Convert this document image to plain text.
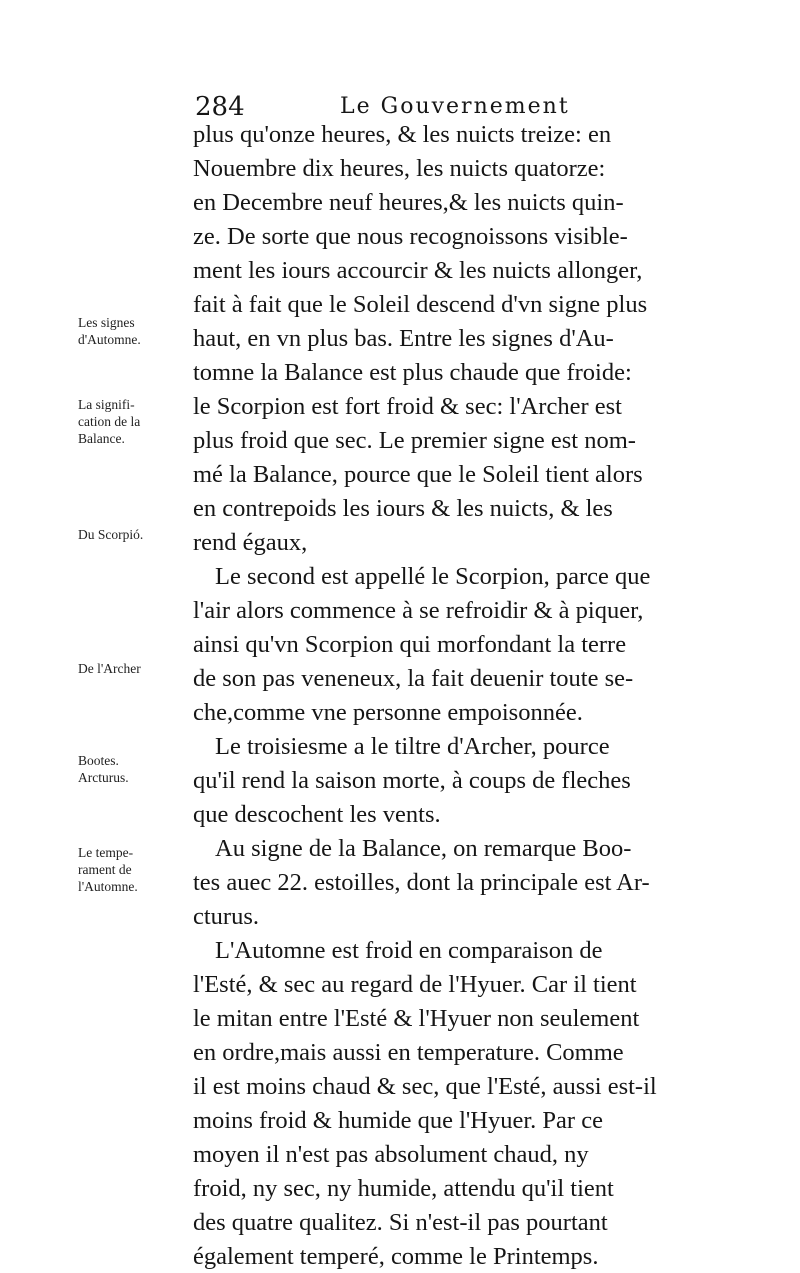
284	Le Gouvernement
plus qu'onze heures, & les nuicts treize: en
Nouembre dix heures, les nuicts quatorze:
en Decembre neuf heures,& les nuicts quin-
ze. De sorte que nous recognoissons visible-
ment les iours accourcir & les nuicts allonger,
fait à fait que le Soleil descend d'vn signe plus
haut, en vn plus bas. Entre les signes d'Au-
tomne la Balance est plus chaude que froide:
le Scorpion est fort froid & sec: l'Archer est
plus froid que sec. Le premier signe est nom-
mé la Balance, pource que le Soleil tient alors
en contrepoids les iours & les nuicts, & les
rend égaux,
Le second est appellé le Scorpion, parce que
l'air alors commence à se refroidir & à piquer,
ainsi qu'vn Scorpion qui morfondant la terre
de son pas veneneux, la fait deuenir toute se-
che,comme vne personne empoisonnée.
Le troisiesme a le tiltre d'Archer, pource
qu'il rend la saison morte, à coups de fleches
que descochent les vents.
Au signe de la Balance, on remarque Boo-
tes auec 22. estoilles, dont la principale est Ar-
cturus.
L'Automne est froid en comparaison de
l'Esté, & sec au regard de l'Hyuer. Car il tient
le mitan entre l'Esté & l'Hyuer non seulement
en ordre,mais aussi en temperature. Comme
il est moins chaud & sec, que l'Esté, aussi est-il
moins froid & humide que l'Hyuer. Par ce
moyen il n'est pas absolument chaud, ny
froid, ny sec, ny humide, attendu qu'il tient
des quatre qualitez. Si n'est-il pas pourtant
également temperé, comme le Printemps.
Les signes
d'Automne.
La signifi-
cation de la
Balance.
Du Scorpió.
De l'Archer
Bootes.
Arcturus.
Le tempe-
rament de
l'Automne.
